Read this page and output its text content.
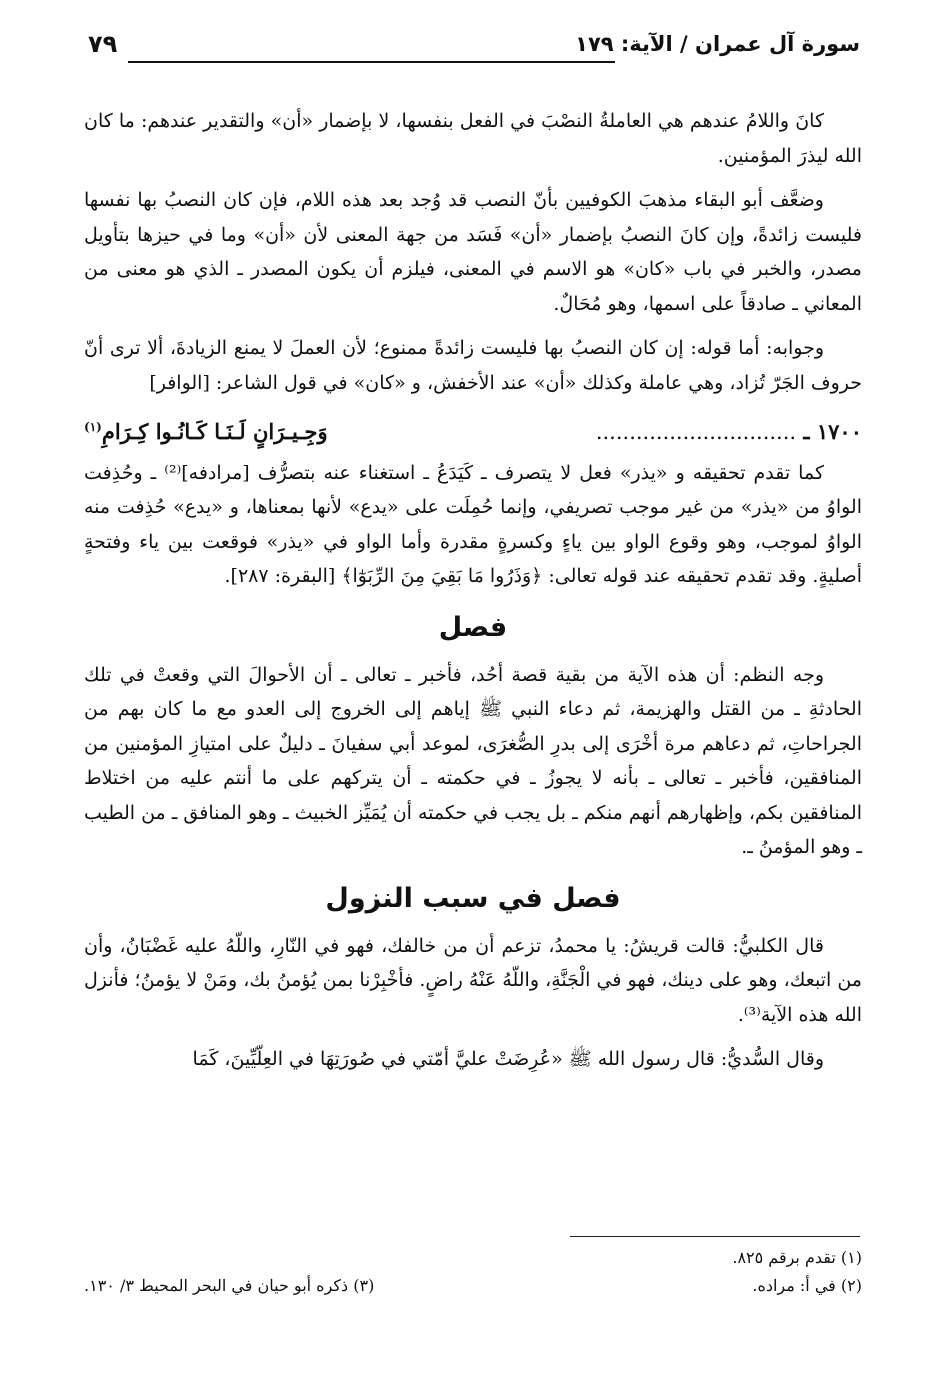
سورة آل عمران / الآية: ١٧٩
٧٩

كانَ واللامُ عندهم هي العاملةُ النصْبَ في الفعل بنفسها، لا بإضمار «أن» والتقدير عندهم: ما كان الله ليذرَ المؤمنين.

وضعَّف أبو البقاء مذهبَ الكوفيين بأنّ النصب قد وُجد بعد هذه اللام، فإن كان النصبُ بها نفسها فليست زائدةً، وإن كانَ النصبُ بإضمار «أن» فَسَد من جهة المعنى لأن «أن» وما في حيزها بتأويل مصدر، والخبر في باب «كان» هو الاسم في المعنى، فيلزم أن يكون المصدر ـ الذي هو معنى من المعاني ـ صادقاً على اسمها، وهو مُحَالٌ.

وجوابه: أما قوله: إن كان النصبُ بها فليست زائدةً ممنوع؛ لأن العملَ لا يمنع الزيادةَ، ألا ترى أنّ حروف الجَرّ تُزاد، وهي عاملة وكذلك «أن» عند الأخفش، و «كان» في قول الشاعر: [الوافر]

١٧٠٠ ـ ..............................
وَجِـيـرَانٍ لَـنَـا كَـانُـوا كِـرَامِ$^{(١)}$

كما تقدم تحقيقه و «يذر» فعل لا يتصرف ـ كَيَدَعُ ـ استغناء عنه بتصرُّف [مرادفه]⁽²⁾ ـ وحُذِفت الواوُ من «يذر» من غير موجب تصريفي، وإنما حُمِلَت على «يدع» لأنها بمعناها، و «يدع» حُذِفت منه الواوُ لموجب، وهو وقوع الواو بين ياءٍ وكسرةٍ مقدرة وأما الواو في «يذر» فوقعت بين ياء وفتحةٍ أصليةٍ. وقد تقدم تحقيقه عند قوله تعالى: ﴿وَذَرُوا مَا بَقِيَ مِنَ الرِّبَوٰٓا﴾ [البقرة: ٢٨٧].

فصل

وجه النظم: أن هذه الآية من بقية قصة أحُد، فأخبر ـ تعالى ـ أن الأحوالَ التي وقعتْ في تلك الحادثةِ ـ من القتل والهزيمة، ثم دعاء النبي ﷺ إياهم إلى الخروج إلى العدو مع ما كان بهم من الجراحاتِ، ثم دعاهم مرة أخْرَى إلى بدرِ الصُّغرَى، لموعد أبي سفيانَ ـ دليلٌ على امتيازِ المؤمنين من المنافقين، فأخبر ـ تعالى ـ بأنه لا يجوزُ ـ في حكمته ـ أن يتركهم على ما أنتم عليه من اختلاط المنافقين بكم، وإظهارهم أنهم منكم ـ بل يجب في حكمته أن يُمَيِّز الخبيث ـ وهو المنافق ـ من الطيب ـ وهو المؤمنُ ـ.

فصل في سبب النزول

قال الكلبيُّ: قالت قريشُ: يا محمدُ، تزعم أن من خالفك، فهو في النّارِ، واللّهُ عليه غَضْبَانُ، وأن من اتبعك، وهو على دينك، فهو في الْجَنَّةِ، واللّهُ عَنْهُ راضٍ. فأخْبِرْنا بمن يُؤمنُ بك، ومَنْ لا يؤمنُ؛ فأنزل الله هذه الآية⁽³⁾.

وقال السُّديُّ: قال رسول الله ﷺ «عُرِضَتْ عليَّ أمّتي في صُورَتِهَا في العِلّيِّينَ، كَمَا

(١) تقدم برقم ٨٢٥.
(٢) في أ: مراده.
(٣) ذكره أبو حيان في البحر المحيط ٣/ ١٣٠.
